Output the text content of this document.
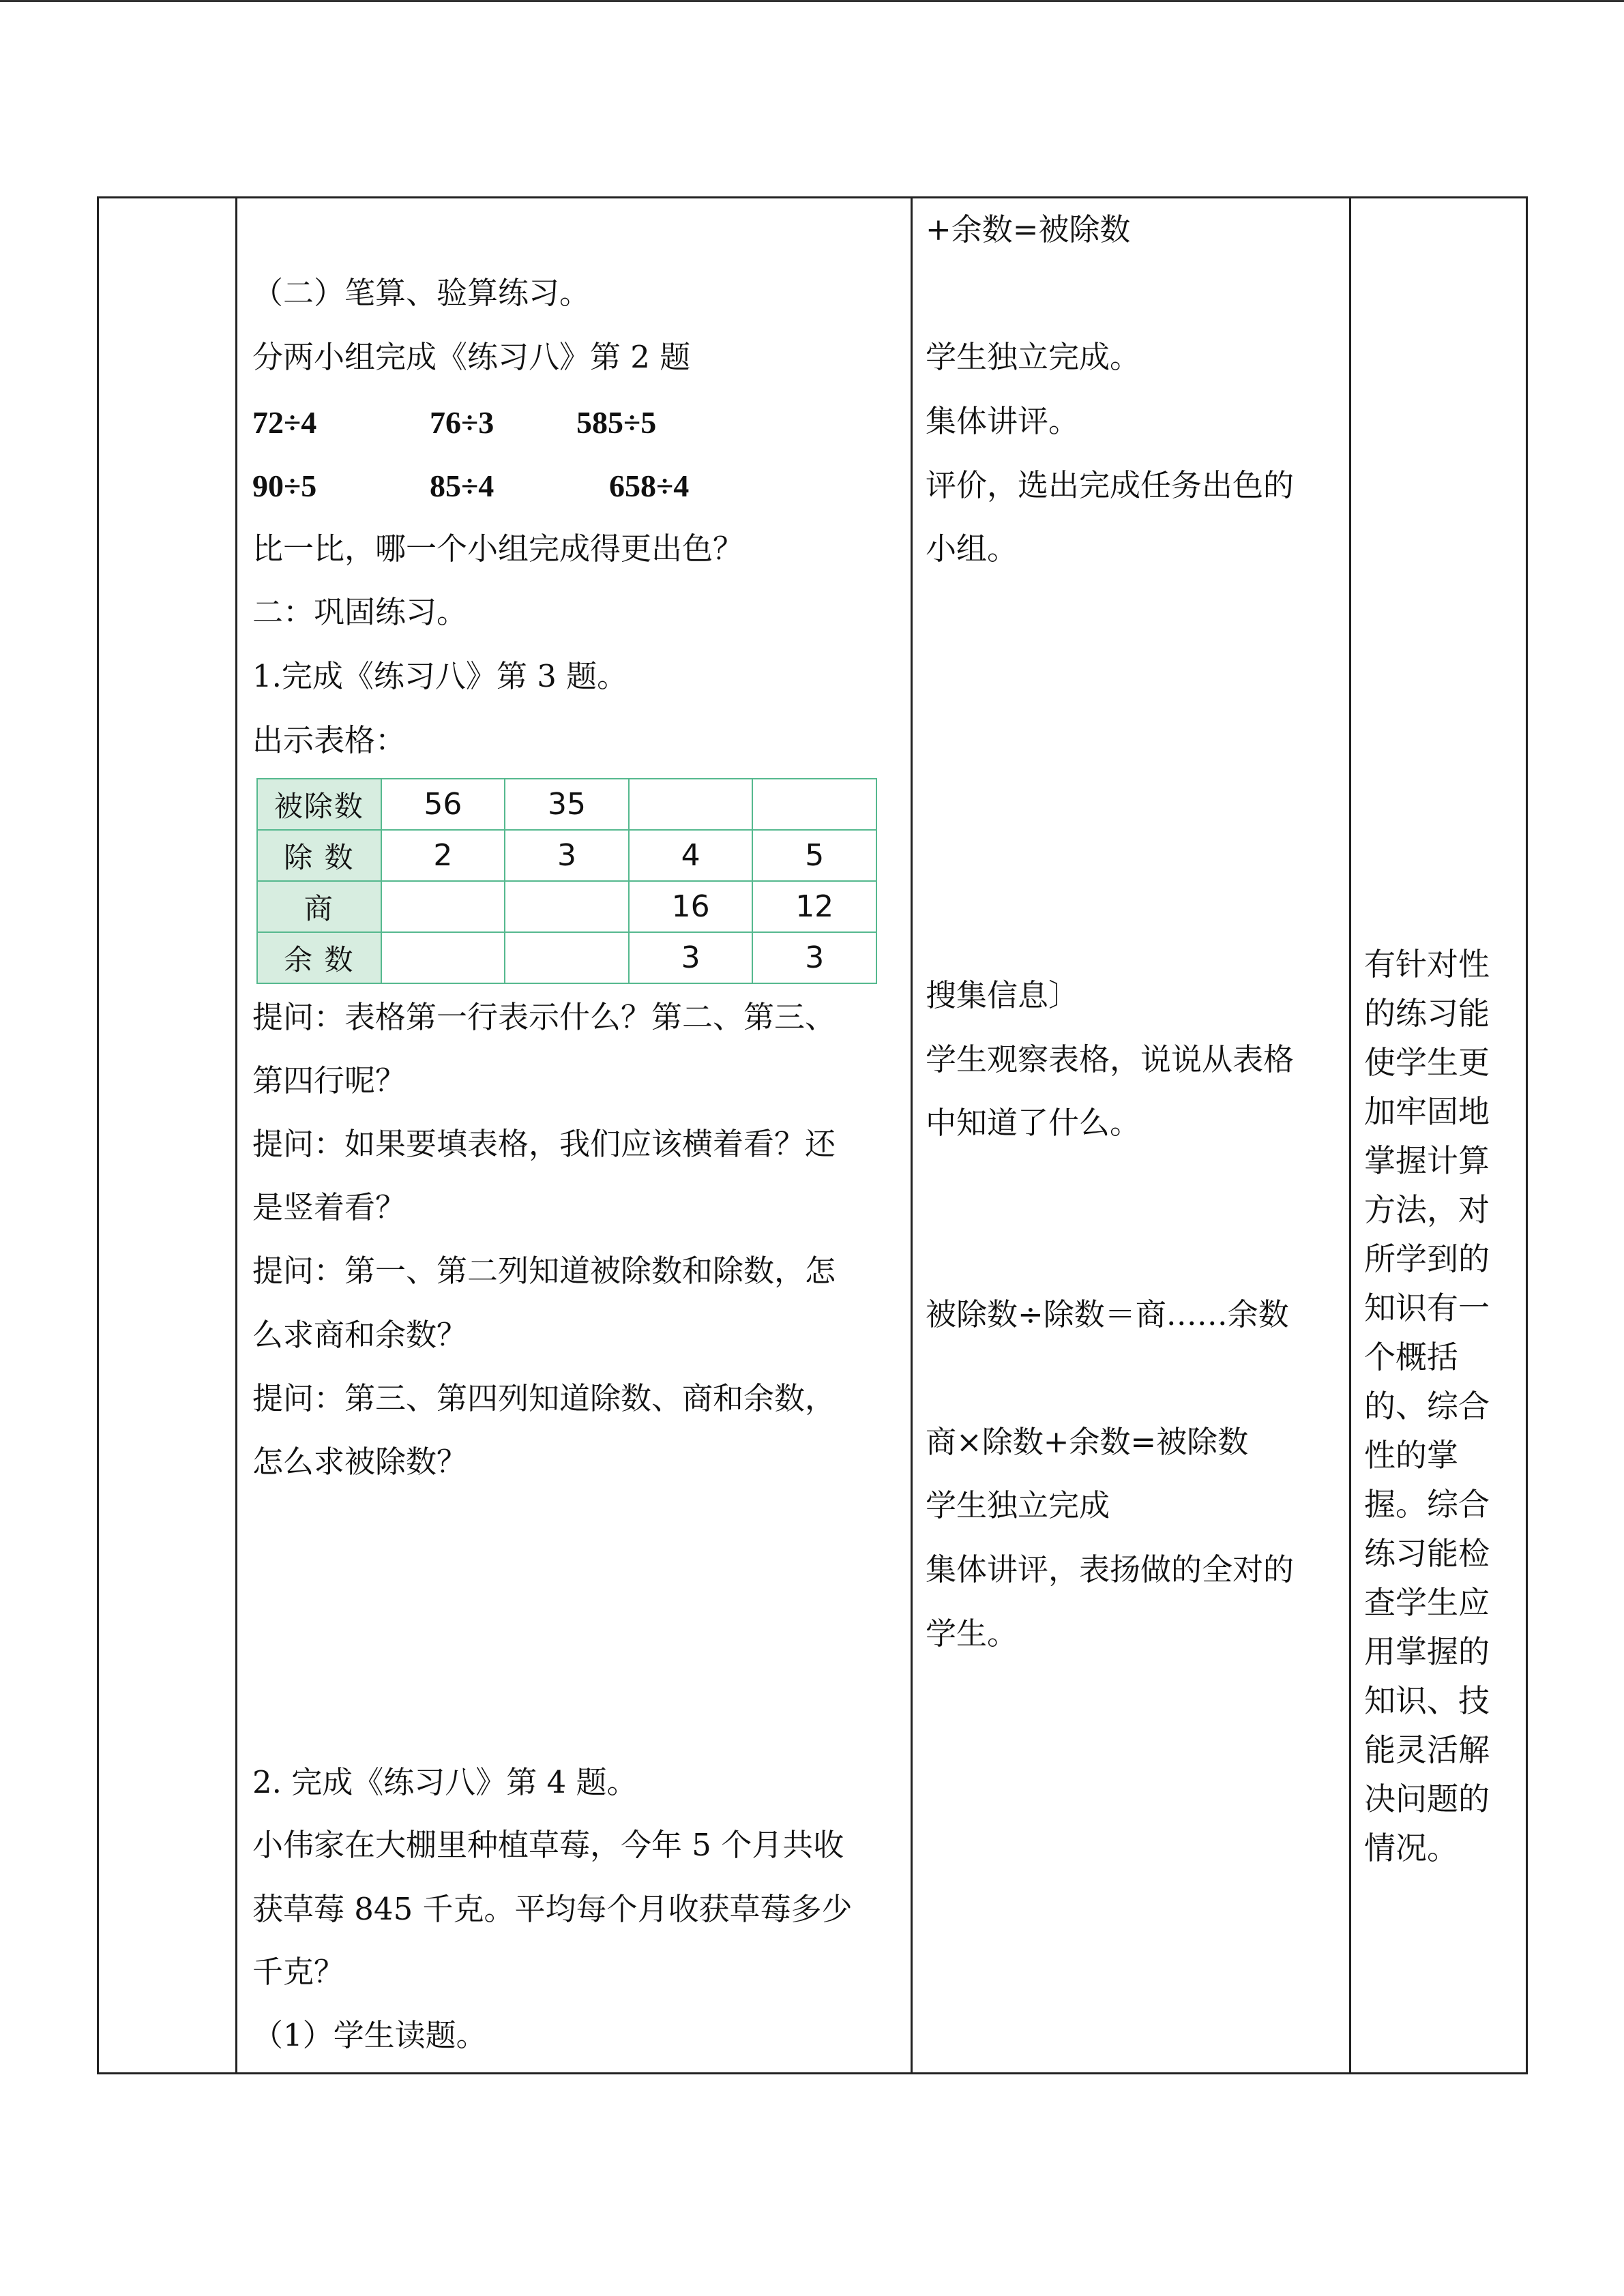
（二）笔算、验算练习。
分两小组完成《练习八》第 2 题
72÷4	76÷3	585÷5
90÷5	85÷4	658÷4
比一比，哪一个小组完成得更出色？
二：巩固练习。
1.完成《练习八》第 3 题。
出示表格：
被除数	56	35		
除 数	2	3	4	5
商			16	12
余 数			3	3
提问：表格第一行表示什么？第二、第三、
第四行呢？
提问：如果要填表格，我们应该横着看？还
是竖着看？
提问：第一、第二列知道被除数和除数，怎
么求商和余数？
提问：第三、第四列知道除数、商和余数，
怎么求被除数？
2. 完成《练习八》第 4 题。
小伟家在大棚里种植草莓，今年 5 个月共收
获草莓 845 千克。平均每个月收获草莓多少
千克？
（1）学生读题。
+余数=被除数
学生独立完成。
集体讲评。
评价，选出完成任务出色的
小组。
搜集信息〕
学生观察表格，说说从表格
中知道了什么。
被除数÷除数＝商……余数
商×除数+余数=被除数
学生独立完成
集体讲评，表扬做的全对的
学生。
有针对性
的练习能
使学生更
加牢固地
掌握计算
方法，对
所学到的
知识有一
个概括
的、综合
性的掌
握。综合
练习能检
查学生应
用掌握的
知识、技
能灵活解
决问题的
情况。
